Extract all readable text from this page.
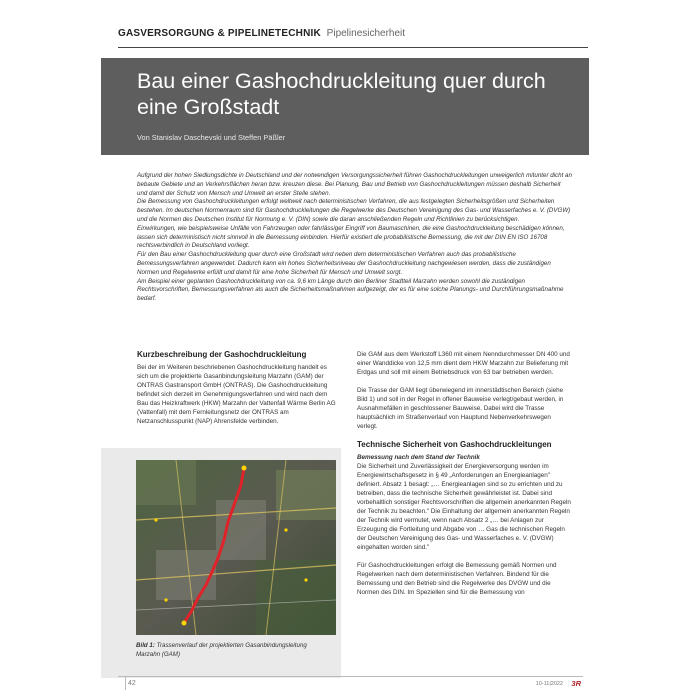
GASVERSORGUNG & PIPELINETECHNIK Pipelinesicherheit
Bau einer Gashochdruckleitung quer durch eine Großstadt
Von Stanislav Daschevski und Steffen Päßler

Aufgrund der hohen Siedlungsdichte in Deutschland und der notwendigen Versorgungssicherheit führen Gashochdruckleitungen unweigerlich mitunter dicht an bebaute Gebiete und an Verkehrsflächen heran bzw. kreuzen diese. Bei Planung, Bau und Betrieb von Gashochdruckleitungen müssen deshalb Sicherheit und damit der Schutz von Mensch und Umwelt an erster Stelle stehen.

Die Bemessung von Gashochdruckleitungen erfolgt weltweit nach deterministischen Verfahren, die aus festgelegten Sicherheitsgrößen und Sicherheiten bestehen. Im deutschen Normenraum sind für Gashochdruckleitungen die Regelwerke des Deutschen Vereinigung des Gas- und Wasserfaches e. V. (DVGW) und die Normen des Deutschen Institut für Normung e. V. (DIN) sowie die daran anschließenden Regeln und Richtlinien zu berücksichtigen.

Einwirkungen, wie beispielsweise Unfälle von Fahrzeugen oder fahrlässiger Eingriff von Baumaschinen, die eine Gashochdruckleitung beschädigen können, lassen sich deterministisch nicht sinnvoll in die Bemessung einbinden. Hierfür existiert die probabilistische Bemessung, die mit der DIN EN ISO 16708 rechtsverbindlich in Deutschland vorliegt.

Für den Bau einer Gashochdruckleitung quer durch eine Großstadt wird neben dem deterministischen Verfahren auch das probabilistische Bemessungsverfahren angewendet. Dadurch kann ein hohes Sicherheitsniveau der Gashochdruckleitung nachgewiesen werden, dass die zuständigen Normen und Regelwerke erfüllt und damit für eine hohe Sicherheit für Mensch und Umwelt sorgt.

Am Beispiel einer geplanten Gashochdruckleitung von ca. 9,6 km Länge durch den Berliner Stadtteil Marzahn werden sowohl die zuständigen Rechtsvorschriften, Bemessungsverfahren als auch die Sicherheitsmaßnahmen aufgezeigt, der es für eine solche Planungs- und Durchführungsmaßnahme bedarf.

Kurzbeschreibung der Gashochdruckleitung

Bei der im Weiteren beschriebenen Gashochdruckleitung handelt es sich um die projektierte Gasanbindungsleitung Marzahn (GAM) der ONTRAS Gastransport GmbH (ONTRAS). Die Gashochdruckleitung befindet sich derzeit im Genehmigungsverfahren und wird nach dem Bau das Heizkraftwerk (HKW) Marzahn der Vattenfall Wärme Berlin AG (Vattenfall) mit dem Fernleitungsnetz der ONTRAS am Netzanschlusspunkt (NAP) Ahrensfelde verbinden.

Bild 1: Trassenverlauf der projektierten Gasanbindungsleitung Marzahn (GAM)

Die GAM aus dem Werkstoff L360 mit einem Nenndurchmesser DN 400 und einer Wanddicke von 12,5 mm dient dem HKW Marzahn zur Belieferung mit Erdgas und soll mit einem Betriebsdruck von 63 bar betrieben werden.

Die Trasse der GAM liegt überwiegend im innerstädtischen Bereich (siehe Bild 1) und soll in der Regel in offener Bauweise verlegt/gebaut werden, in Ausnahmefällen in geschlossener Bauweise. Dabei wird die Trasse hauptsächlich im Straßenverlauf von Hauptund Nebenverkehrswegen verlegt.

Technische Sicherheit von Gashochdruckleitungen

Bemessung nach dem Stand der Technik

Die Sicherheit und Zuverlässigkeit der Energieversorgung werden im Energiewirtschaftsgesetz in § 49 „Anforderungen an Energieanlagen" definiert. Absatz 1 besagt: „… Energieanlagen sind so zu errichten und zu betreiben, dass die technische Sicherheit gewährleistet ist. Dabei sind vorbehaltlich sonstiger Rechtsvorschriften die allgemein anerkannten Regeln der Technik zu beachten." Die Einhaltung der allgemein anerkannten Regeln der Technik wird vermutet, wenn nach Absatz 2 „… bei Anlagen zur Erzeugung die Fortleitung und Abgabe von … Gas die technischen Regeln der Deutschen Vereinigung des Gas- und Wasserfaches e. V. (DVGW) eingehalten worden sind."

Für Gashochdruckleitungen erfolgt die Bemessung gemäß Normen und Regelwerken nach dem deterministischen Verfahren. Bindend für die Bemessung und den Betrieb sind die Regelwerke des DVGW und die Normen des DIN. Im Speziellen sind für die Bemessung von

42	10-11|2022 3R
